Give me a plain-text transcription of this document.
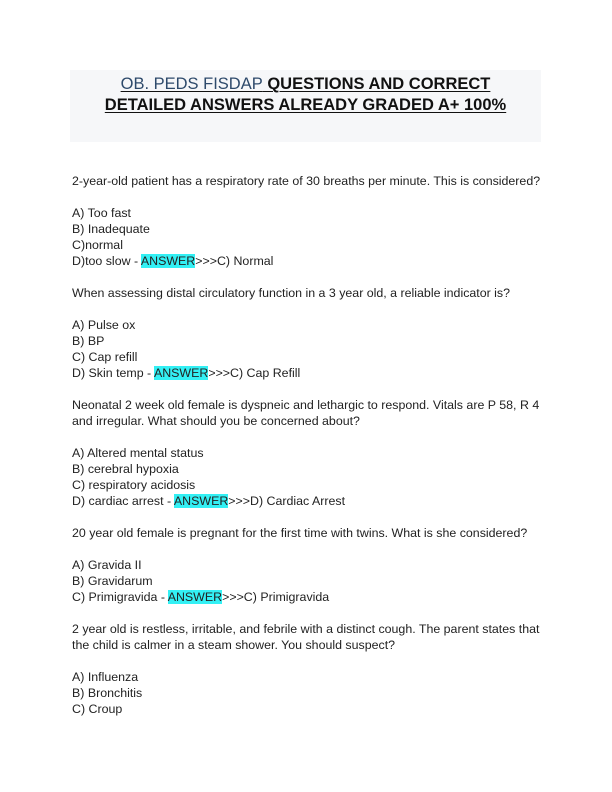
OB. PEDS FISDAP QUESTIONS AND CORRECT
DETAILED ANSWERS ALREADY GRADED A+ 100%

2-year-old patient has a respiratory rate of 30 breaths per minute. This is considered?

A) Too fast

B) Inadequate

C)normal

D)too slow - ANSWER>>>C) Normal

When assessing distal circulatory function in a 3 year old, a reliable indicator is?

A) Pulse ox

B) BP

C) Cap refill

D) Skin temp - ANSWER>>>C) Cap Refill

Neonatal 2 week old female is dyspneic and lethargic to respond. Vitals are P 58, R 4 and irregular. What should you be concerned about?

A) Altered mental status

B) cerebral hypoxia

C) respiratory acidosis

D) cardiac arrest - ANSWER>>>D) Cardiac Arrest

20 year old female is pregnant for the first time with twins. What is she considered?

A) Gravida II

B) Gravidarum

C) Primigravida - ANSWER>>>C) Primigravida

2 year old is restless, irritable, and febrile with a distinct cough. The parent states that the child is calmer in a steam shower. You should suspect?

A) Influenza

B) Bronchitis

C) Croup
